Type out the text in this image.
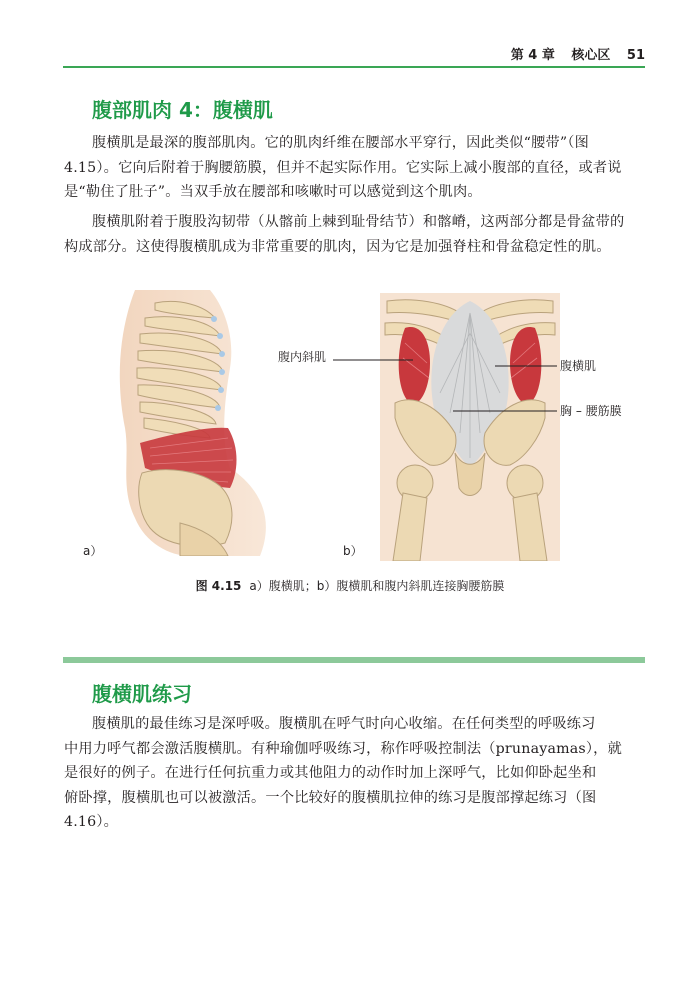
第 4 章 核心区 51
腹部肌肉 4：腹横肌

腹横肌是最深的腹部肌肉。它的肌肉纤维在腰部水平穿行，因此类似“腰带”（图

4.15）。它向后附着于胸腰筋膜，但并不起实际作用。它实际上减小腹部的直径，或者说

是“勒住了肚子”。当双手放在腰部和咳嗽时可以感觉到这个肌肉。

腹横肌附着于腹股沟韧带（从髂前上棘到耻骨结节）和髂嵴，这两部分都是骨盆带的

构成部分。这使得腹横肌成为非常重要的肌肉，因为它是加强脊柱和骨盆稳定性的肌。

a）
腹内斜肌
腹横肌
胸 – 腰筋膜
b）
图 4.15 a）腹横肌；b）腹横肌和腹内斜肌连接胸腰筋膜
腹横肌练习

腹横肌的最佳练习是深呼吸。腹横肌在呼气时向心收缩。在任何类型的呼吸练习

中用力呼气都会激活腹横肌。有种瑜伽呼吸练习，称作呼吸控制法（prunayamas），就

是很好的例子。在进行任何抗重力或其他阻力的动作时加上深呼气，比如仰卧起坐和

俯卧撑，腹横肌也可以被激活。一个比较好的腹横肌拉伸的练习是腹部撑起练习（图

4.16）。
